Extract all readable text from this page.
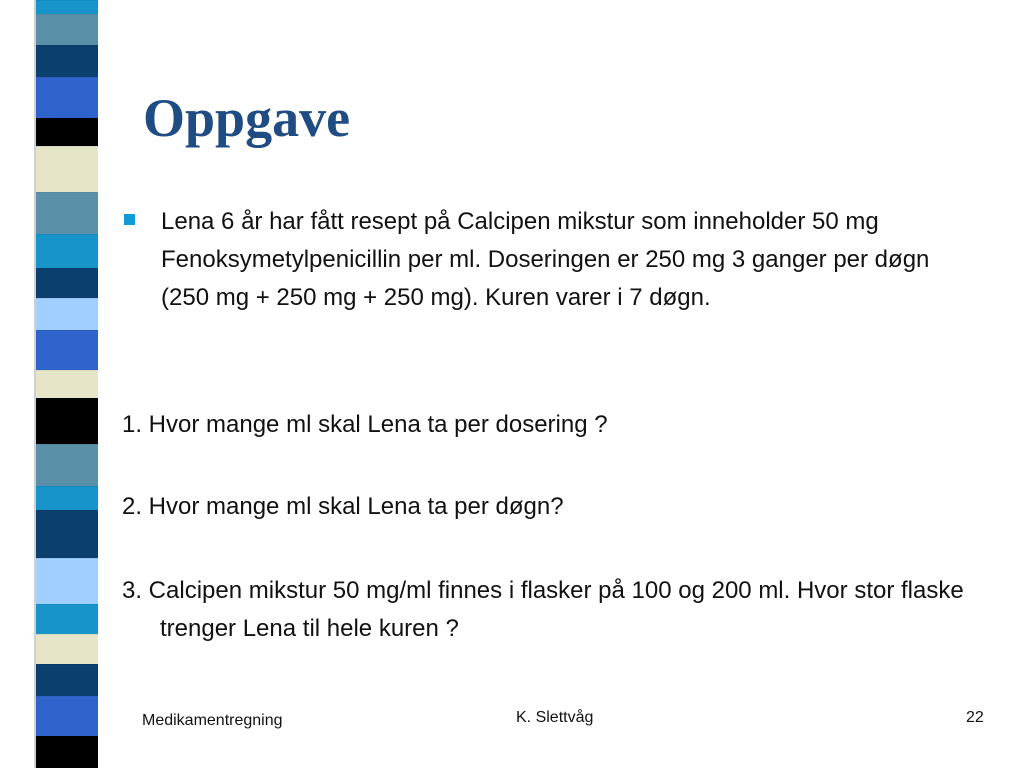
Oppgave

Lena 6 år har fått resept på Calcipen mikstur som inneholder 50 mg Fenoksymetylpenicillin per ml. Doseringen er 250 mg 3 ganger per døgn (250 mg + 250 mg + 250 mg). Kuren varer i 7 døgn.

1. Hvor mange ml skal Lena ta per dosering ?
2. Hvor mange ml skal Lena ta per døgn?
3. Calcipen mikstur 50 mg/ml finnes i flasker på 100 og 200 ml. Hvor stor flaske trenger Lena til hele kuren ?
Medikamentregning	K. Slettvåg	22
